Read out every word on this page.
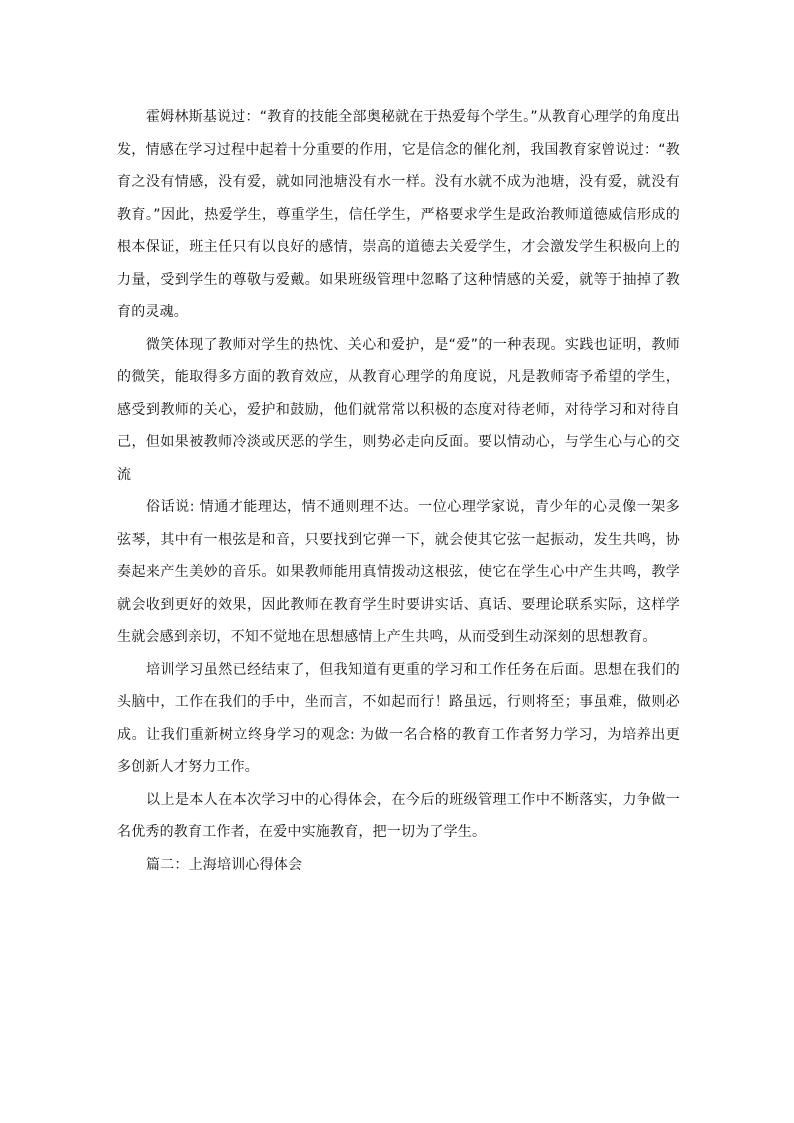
霍姆林斯基说过：“教育的技能全部奥秘就在于热爱每个学生。”从教育心理学的角度出发，情感在学习过程中起着十分重要的作用，它是信念的催化剂，我国教育家曾说过：“教育之没有情感，没有爱，就如同池塘没有水一样。没有水就不成为池塘，没有爱，就没有教育。”因此，热爱学生，尊重学生，信任学生，严格要求学生是政治教师道德威信形成的根本保证，班主任只有以良好的感情，崇高的道德去关爱学生，才会激发学生积极向上的力量，受到学生的尊敬与爱戴。如果班级管理中忽略了这种情感的关爱，就等于抽掉了教育的灵魂。

微笑体现了教师对学生的热忱、关心和爱护，是“爱”的一种表现。实践也证明，教师的微笑，能取得多方面的教育效应，从教育心理学的角度说，凡是教师寄予希望的学生，感受到教师的关心，爱护和鼓励，他们就常常以积极的态度对待老师，对待学习和对待自己，但如果被教师冷淡或厌恶的学生，则势必走向反面。要以情动心，与学生心与心的交流

俗话说: 情通才能理达，情不通则理不达。一位心理学家说，青少年的心灵像一架多弦琴，其中有一根弦是和音，只要找到它弹一下，就会使其它弦一起振动，发生共鸣，协奏起来产生美妙的音乐。如果教师能用真情拨动这根弦，使它在学生心中产生共鸣，教学就会收到更好的效果，因此教师在教育学生时要讲实话、真话、要理论联系实际，这样学生就会感到亲切，不知不觉地在思想感情上产生共鸣，从而受到生动深刻的思想教育。

培训学习虽然已经结束了，但我知道有更重的学习和工作任务在后面。思想在我们的头脑中，工作在我们的手中，坐而言，不如起而行！路虽远，行则将至；事虽难，做则必成。让我们重新树立终身学习的观念: 为做一名合格的教育工作者努力学习，为培养出更多创新人才努力工作。

以上是本人在本次学习中的心得体会，在今后的班级管理工作中不断落实，力争做一名优秀的教育工作者，在爱中实施教育，把一切为了学生。

篇二：上海培训心得体会
